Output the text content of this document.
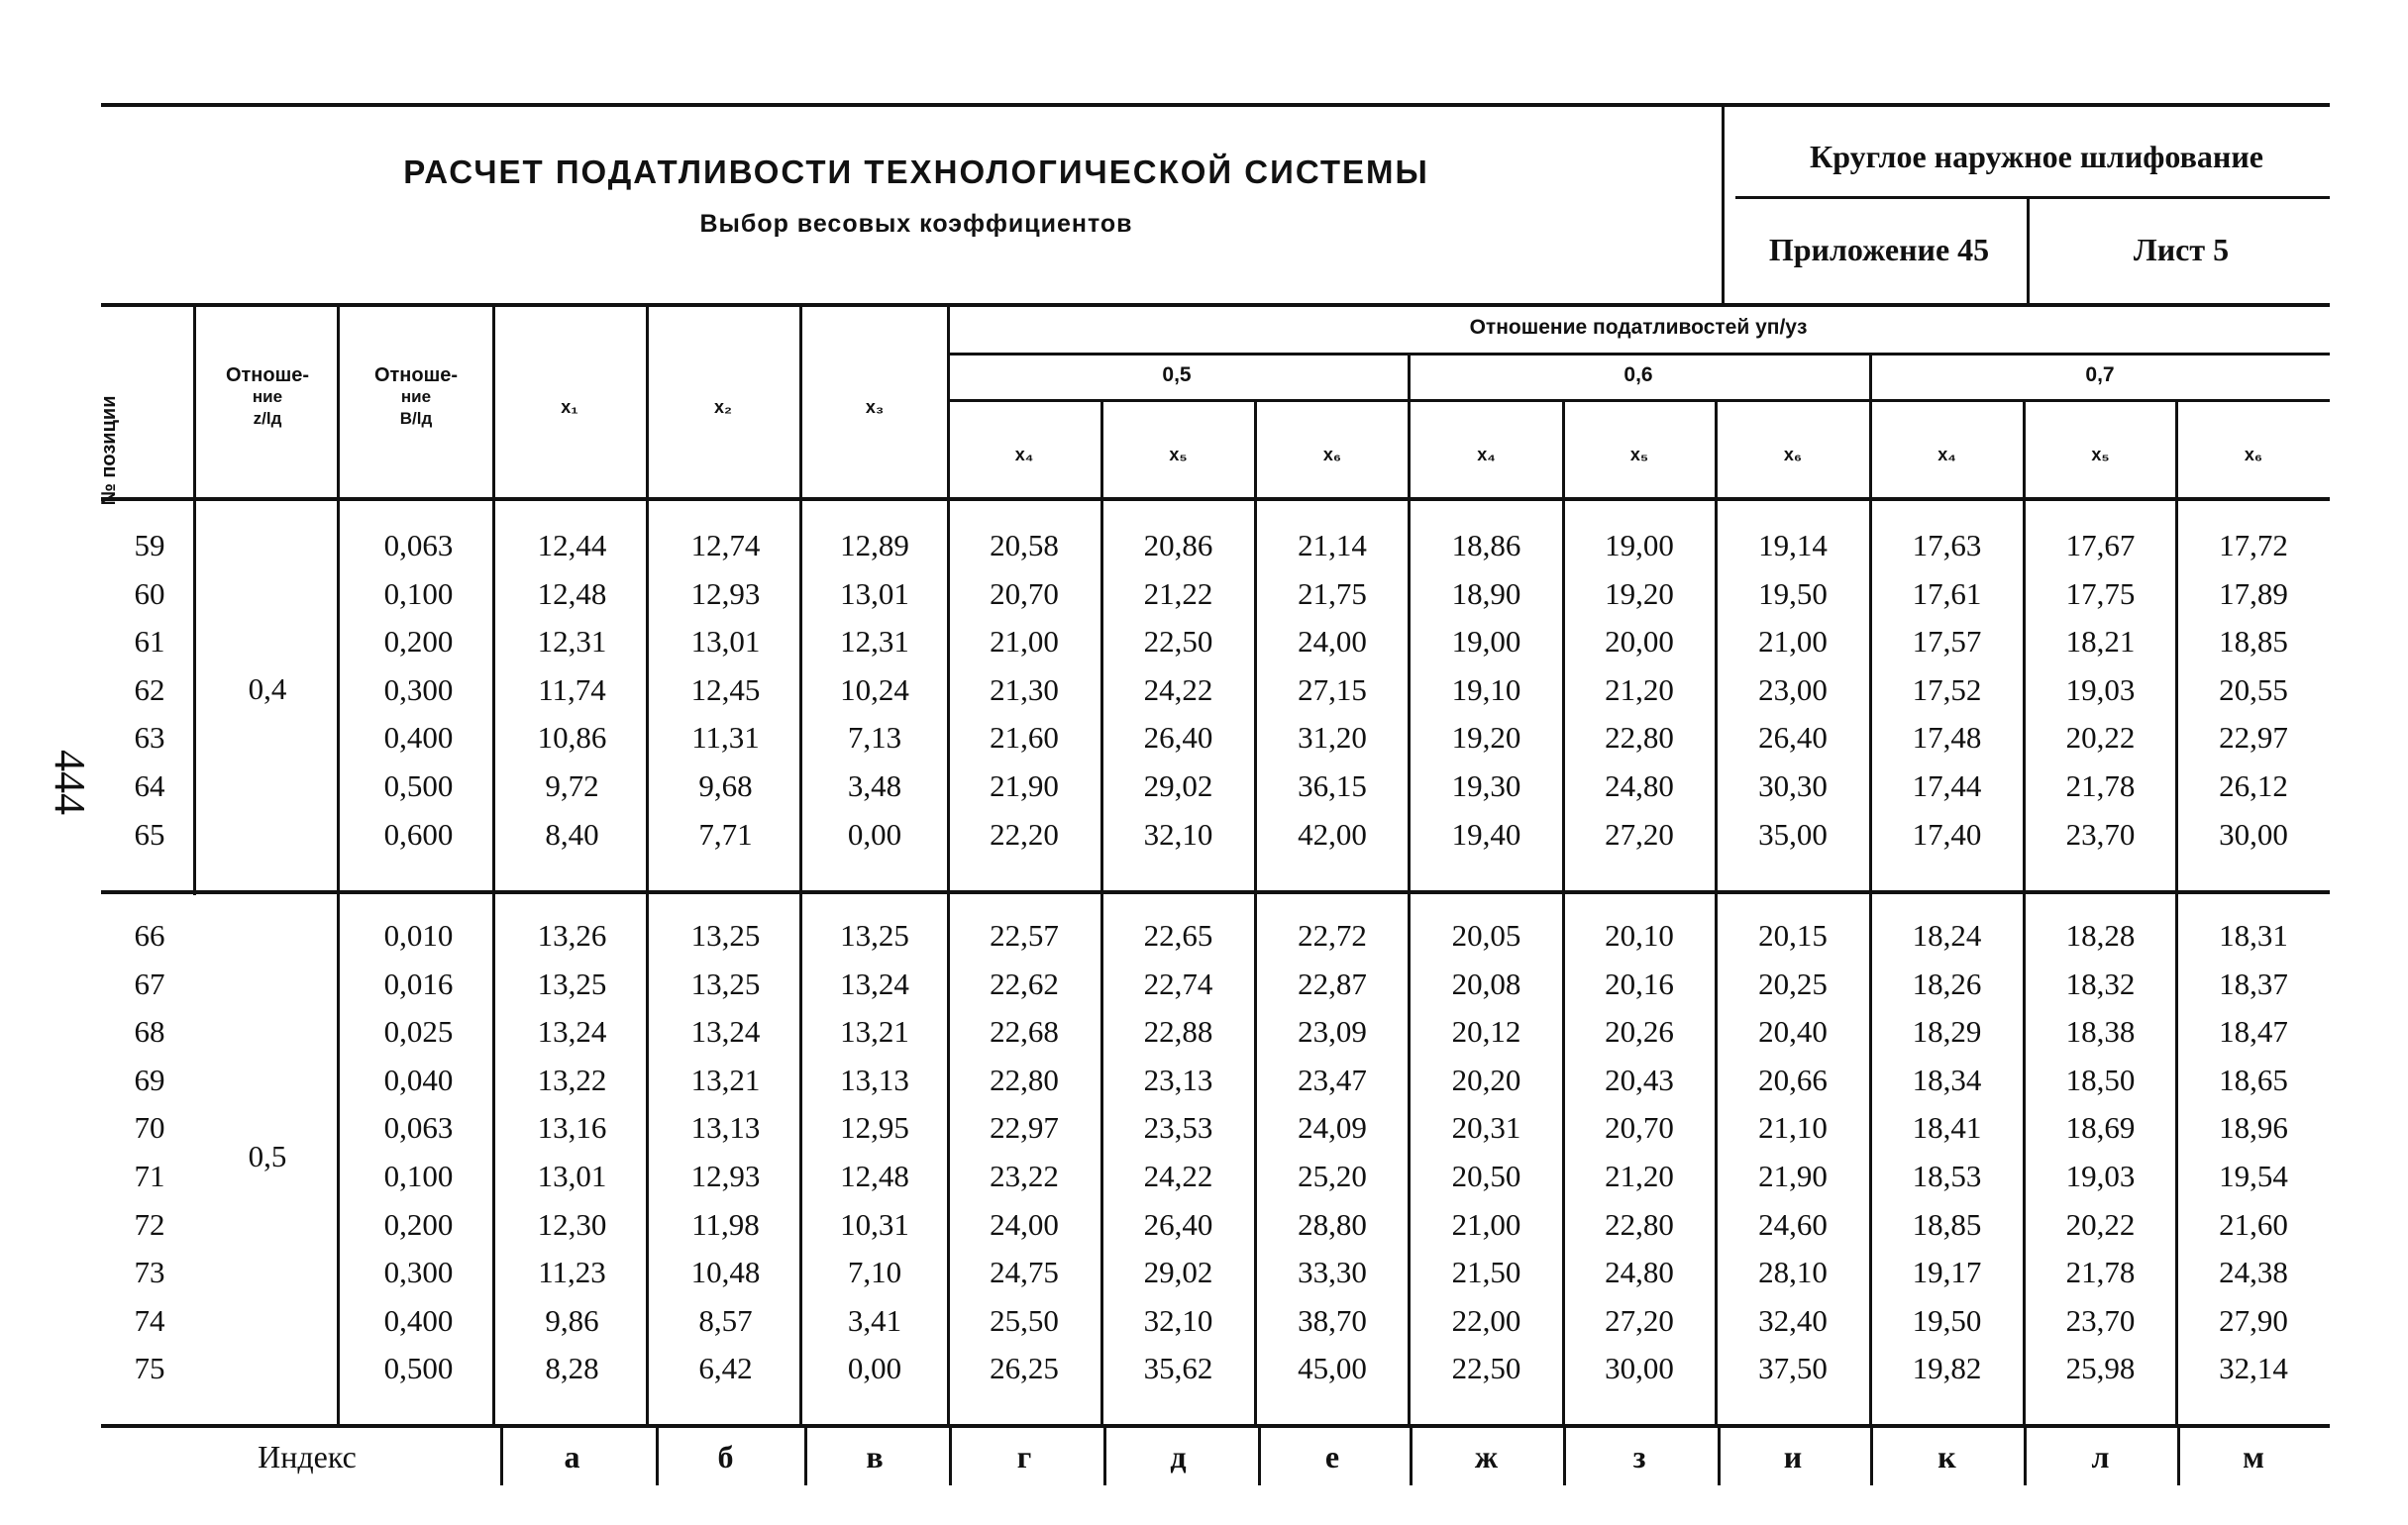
444
РАСЧЕТ ПОДАТЛИВОСТИ ТЕХНОЛОГИЧЕСКОЙ СИСТЕМЫ
Выбор весовых коэффициентов
Круглое наружное шлифование
Приложение 45	Лист 5
№ позиции
Отноше-
ние
z/lд
Отноше-
ние
B/lд
x₁	x₂	x₃
Отношение податливостей yп/yз
0,5	0,6	0,7
x₄	x₅	x₆	x₄	x₅	x₆	x₄	x₅	x₆
0,4
0,5
59	0,063	12,44	12,74	12,89	20,58	20,86	21,14	18,86	19,00	19,14	17,63	17,67	17,72
60	0,100	12,48	12,93	13,01	20,70	21,22	21,75	18,90	19,20	19,50	17,61	17,75	17,89
61	0,200	12,31	13,01	12,31	21,00	22,50	24,00	19,00	20,00	21,00	17,57	18,21	18,85
62	0,300	11,74	12,45	10,24	21,30	24,22	27,15	19,10	21,20	23,00	17,52	19,03	20,55
63	0,400	10,86	11,31	7,13	21,60	26,40	31,20	19,20	22,80	26,40	17,48	20,22	22,97
64	0,500	9,72	9,68	3,48	21,90	29,02	36,15	19,30	24,80	30,30	17,44	21,78	26,12
65	0,600	8,40	7,71	0,00	22,20	32,10	42,00	19,40	27,20	35,00	17,40	23,70	30,00
66	0,010	13,26	13,25	13,25	22,57	22,65	22,72	20,05	20,10	20,15	18,24	18,28	18,31
67	0,016	13,25	13,25	13,24	22,62	22,74	22,87	20,08	20,16	20,25	18,26	18,32	18,37
68	0,025	13,24	13,24	13,21	22,68	22,88	23,09	20,12	20,26	20,40	18,29	18,38	18,47
69	0,040	13,22	13,21	13,13	22,80	23,13	23,47	20,20	20,43	20,66	18,34	18,50	18,65
70	0,063	13,16	13,13	12,95	22,97	23,53	24,09	20,31	20,70	21,10	18,41	18,69	18,96
71	0,100	13,01	12,93	12,48	23,22	24,22	25,20	20,50	21,20	21,90	18,53	19,03	19,54
72	0,200	12,30	11,98	10,31	24,00	26,40	28,80	21,00	22,80	24,60	18,85	20,22	21,60
73	0,300	11,23	10,48	7,10	24,75	29,02	33,30	21,50	24,80	28,10	19,17	21,78	24,38
74	0,400	9,86	8,57	3,41	25,50	32,10	38,70	22,00	27,20	32,40	19,50	23,70	27,90
75	0,500	8,28	6,42	0,00	26,25	35,62	45,00	22,50	30,00	37,50	19,82	25,98	32,14
Индекс	а	б	в	г	д	е	ж	з	и	к	л	м
